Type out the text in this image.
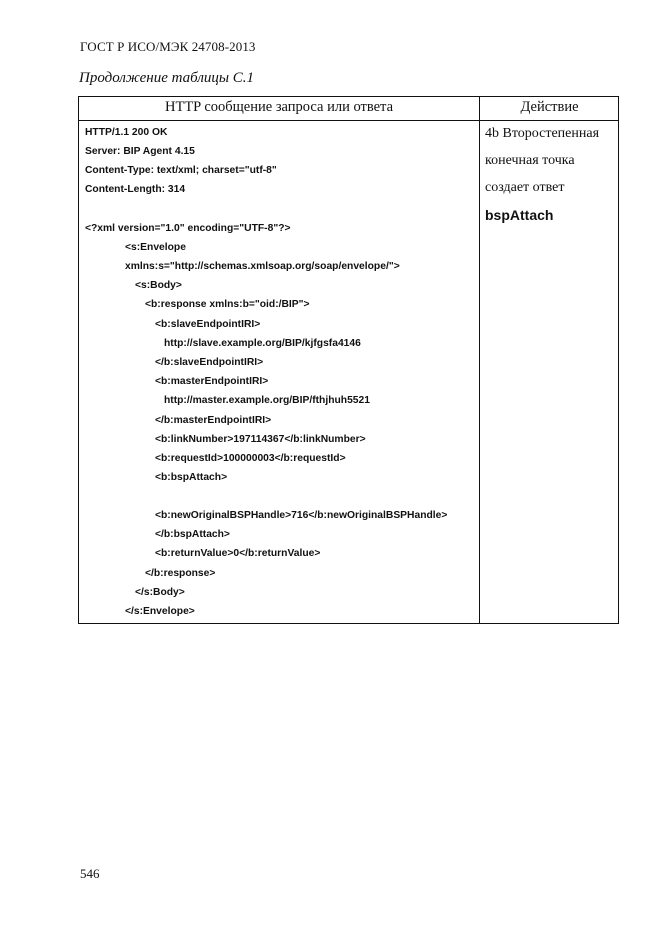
ГОСТ Р ИСО/МЭК 24708-2013
Продолжение таблицы С.1
HTTP сообщение запроса или ответа	Действие
HTTP/1.1 200 OK
Server: BIP Agent 4.15
Content-Type: text/xml; charset="utf-8"
Content-Length: 314
<?xml version="1.0" encoding="UTF-8"?>
<s:Envelope
xmlns:s="http://schemas.xmlsoap.org/soap/envelope/">
<s:Body>
<b:response xmlns:b="oid:/BIP">
<b:slaveEndpointIRI>
http://slave.example.org/BIP/kjfgsfa4146
</b:slaveEndpointIRI>
<b:masterEndpointIRI>
http://master.example.org/BIP/fthjhuh5521
</b:masterEndpointIRI>
<b:linkNumber>197114367</b:linkNumber>
<b:requestId>100000003</b:requestId>
<b:bspAttach>
<b:newOriginalBSPHandle>716</b:newOriginalBSPHandle>
</b:bspAttach>
<b:returnValue>0</b:returnValue>
</b:response>
</s:Body>
</s:Envelope>
4b Второстепенная
конечная точка
создает ответ
bspAttach
546
